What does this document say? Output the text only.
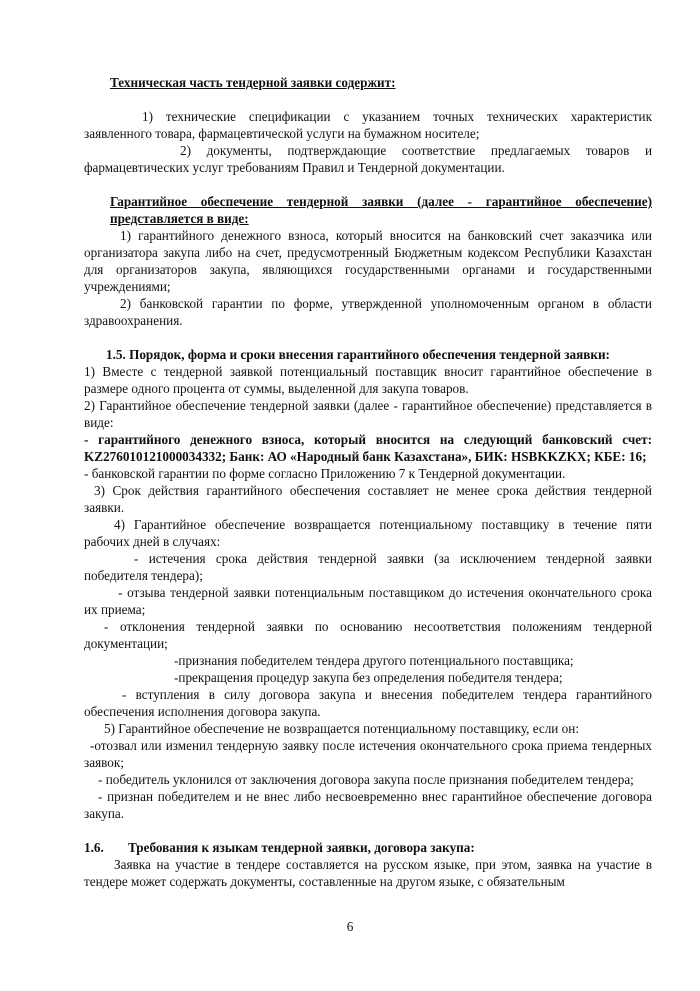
Техническая часть тендерной заявки содержит:

1) технические спецификации с указанием точных технических характеристик заявленного товара, фармацевтической услуги на бумажном носителе;

2) документы, подтверждающие соответствие предлагаемых товаров и фармацевтических услуг требованиям Правил и Тендерной документации.

Гарантийное обеспечение тендерной заявки (далее - гарантийное обеспечение) представляется в виде:

1) гарантийного денежного взноса, который вносится на банковский счет заказчика или организатора закупа либо на счет, предусмотренный Бюджетным кодексом Республики Казахстан для организаторов закупа, являющихся государственными органами и государственными учреждениями;

2) банковской гарантии по форме, утвержденной уполномоченным органом в области здравоохранения.

1.5. Порядок, форма и сроки внесения гарантийного обеспечения тендерной заявки:

1) Вместе с тендерной заявкой потенциальный поставщик вносит гарантийное обеспечение в размере одного процента от суммы, выделенной для закупа товаров.

2) Гарантийное обеспечение тендерной заявки (далее - гарантийное обеспечение) представляется в виде:

- гарантийного денежного взноса, который вносится на следующий банковский счет: KZ276010121000034332; Банк: АО «Народный банк Казахстана», БИК: HSBKKZKX; КБЕ: 16;

- банковской гарантии по форме согласно Приложению 7 к Тендерной документации.

3) Срок действия гарантийного обеспечения составляет не менее срока действия тендерной заявки.

4) Гарантийное обеспечение возвращается потенциальному поставщику в течение пяти рабочих дней в случаях:

- истечения срока действия тендерной заявки (за исключением тендерной заявки победителя тендера);

- отзыва тендерной заявки потенциальным поставщиком до истечения окончательного срока их приема;

- отклонения тендерной заявки по основанию несоответствия положениям тендерной документации;

-признания победителем тендера другого потенциального поставщика;

-прекращения процедур закупа без определения победителя тендера;

- вступления в силу договора закупа и внесения победителем тендера гарантийного обеспечения исполнения договора закупа.

5) Гарантийное обеспечение не возвращается потенциальному поставщику, если он:

-отозвал или изменил тендерную заявку после истечения окончательного срока приема тендерных заявок;

- победитель уклонился от заключения договора закупа после признания победителем тендера;

- признан победителем и не внес либо несвоевременно внес гарантийное обеспечение договора закупа.

1.6.	Требования к языкам тендерной заявки, договора закупа:

Заявка на участие в тендере составляется на русском языке, при этом, заявка на участие в тендере может содержать документы, составленные на другом языке, с обязательным

6
